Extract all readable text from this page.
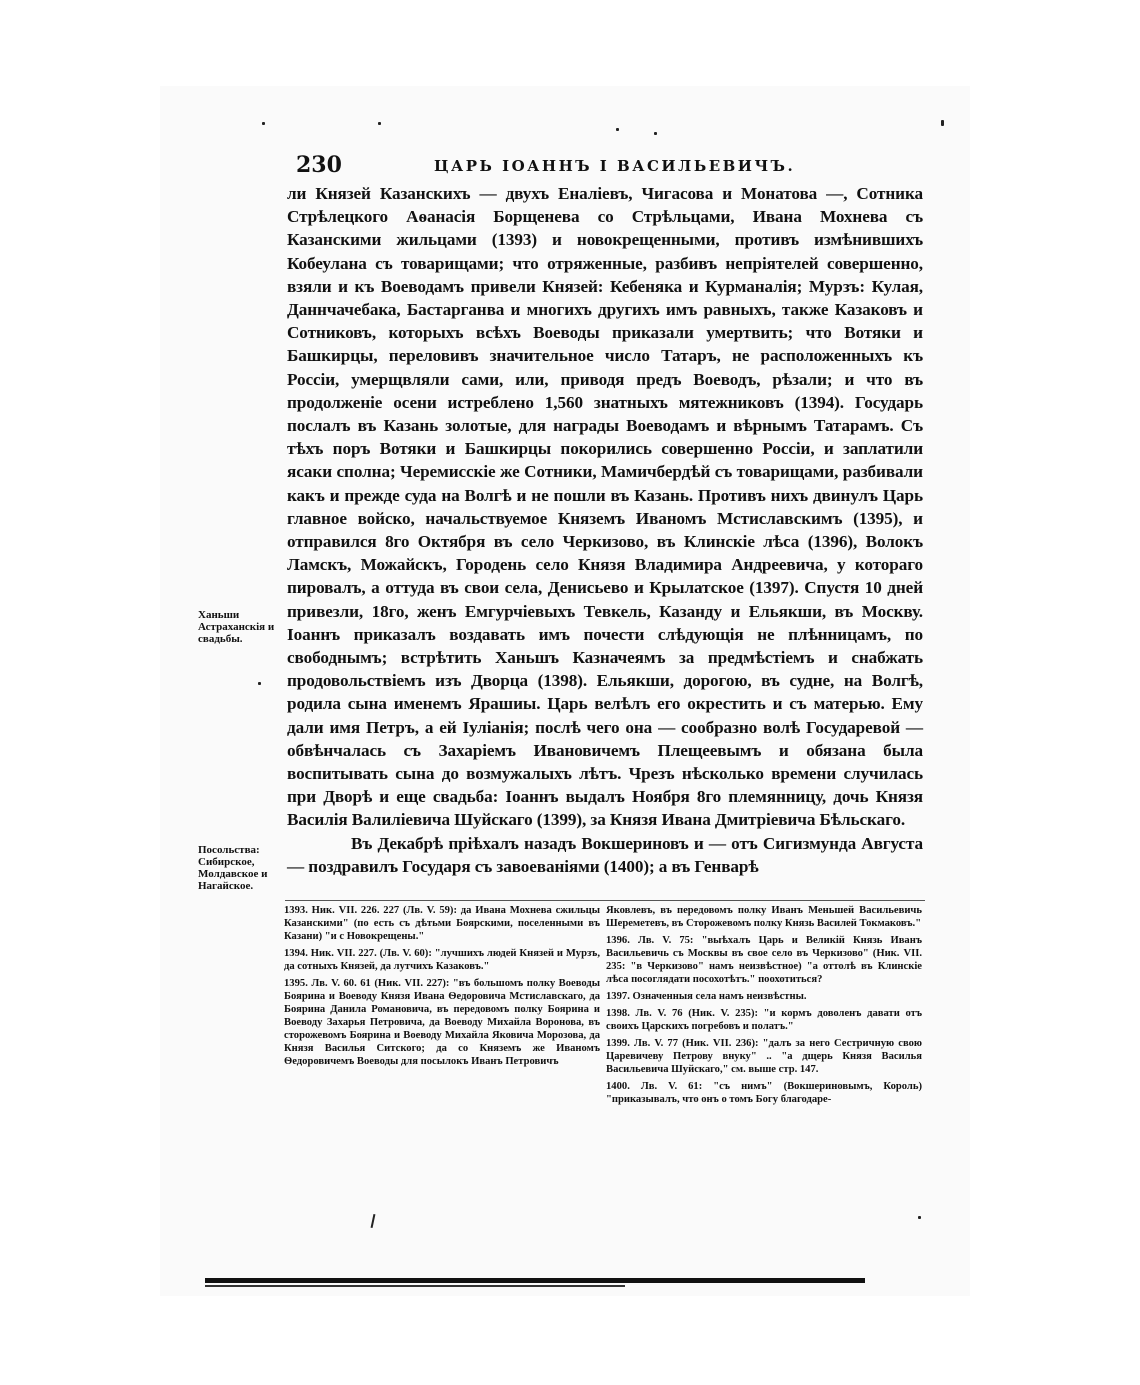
230	ЦАРЬ ІОАННЪ І ВАСИЛЬЕВИЧЪ.
Ханьши Астраханскія и свадьбы.
Посольства: Сибирское, Молдавское и Нагайское.

ли Князей Казанскихъ — двухъ Еналіевъ, Чигасова и Монатова —, Сотника Стрѣлецкого Аѳанасія Борщенева со Стрѣльцами, Ивана Мохнева съ Казанскими жильцами (1393) и новокрещенными, противъ измѣнившихъ Кобеулана съ товарищами; что отряженные, разбивъ непріятелей совершенно, взяли и къ Воеводамъ привели Князей: Кебеняка и Курманалія; Мурзъ: Кулая, Даннчачебака, Бастарганва и многихъ другихъ имъ равныхъ, также Казаковъ и Сотниковъ, которыхъ всѣхъ Воеводы приказали умертвить; что Вотяки и Башкирцы, переловивъ значительное число Татаръ, не расположенныхъ къ Россіи, умерщвляли сами, или, приводя предъ Воеводъ, рѣзали; и что въ продолженіе осени истреблено 1,560 знатныхъ мятежниковъ (1394). Государь послалъ въ Казань золотые, для награды Воеводамъ и вѣрнымъ Татарамъ. Съ тѣхъ поръ Вотяки и Башкирцы покорились совершенно Россіи, и заплатили ясаки сполна; Черемисскіе же Сотники, Мамичбердѣй съ товарищами, разбивали какъ и прежде суда на Волгѣ и не пошли въ Казань. Противъ нихъ двинулъ Царь главное войско, начальствуемое Княземъ Иваномъ Мстиславскимъ (1395), и отправился 8го Октября въ село Черкизово, въ Клинскіе лѣса (1396), Волокъ Ламскъ, Можайскъ, Городень село Князя Владимира Андреевича, у котораго пировалъ, а оттуда въ свои села, Денисьево и Крылатское (1397). Спустя 10 дней привезли, 18го, женъ Емгурчіевыхъ Тевкель, Казанду и Ельякши, въ Москву. Іоаннъ приказалъ воздавать имъ почести слѣдующія не плѣнницамъ, по свободнымъ; встрѣтить Ханьшъ Казначеямъ за предмѣстіемъ и снабжать продовольствіемъ изъ Дворца (1398). Ельякши, дорогою, въ судне, на Волгѣ, родила сына именемъ Ярашиы. Царь велѣлъ его окрестить и съ матерью. Ему дали имя Петръ, а ей Іуліанія; послѣ чего она — сообразно волѣ Государевой — обвѣнчалась съ Захаріемъ Ивановичемъ Плещеевымъ и обязана была воспитывать сына до возмужалыхъ лѣтъ. Чрезъ нѣсколько времени случилась при Дворѣ и еще свадьба: Іоаннъ выдалъ Ноября 8го племянницу, дочь Князя Василія Валиліевича Шуйскаго (1399), за Князя Ивана Дмитріевича Бѣльскаго.

Въ Декабрѣ пріѣхалъ назадъ Вокшериновъ и — отъ Сигизмунда Августа — поздравилъ Государя съ завоеваніями (1400); а въ Генварѣ

1393. Ник. VII. 226. 227 (Лв. V. 59): да Ивана Мохнева сжильцы Казанскими" (по есть съ дѣтьми Боярскими, поселенными въ Казани) "и с Новокрещены."

1394. Ник. VII. 227. (Лв. V. 60): "лучшихъ людей Князей и Мурзъ, да сотныхъ Князей, да лутчихъ Казаковъ."

1395. Лв. V. 60. 61 (Ник. VII. 227): "въ большомъ полку Воеводы Боярина и Воеводу Князя Ивана Ѳедоровича Мстиславскаго, да Боярина Данила Романовича, въ передовомъ полку Боярина и Воеводу Захарья Петровича, да Воеводу Михайла Воронова, въ сторожевомъ Боярина и Воеводу Михайла Яковича Морозова, да Князя Василья Ситского; да со Княземъ же Иваномъ Ѳедоровичемъ Воеводы для посылокъ Иванъ Петровичъ

Яковлевъ, въ передовомъ полку Иванъ Меньшей Васильевичь Шереметевъ, въ Сторожевомъ полку Князь Василей Токмаковъ."

1396. Лв. V. 75: "выѣхалъ Царь и Великій Князь Иванъ Васильевичь съ Москвы въ свое село въ Черкизово" (Ник. VII. 235: "в Черкизово" намъ неизвѣстное) "а оттолѣ въ Клинскіе лѣса посоглядати посохотѣтъ." поохотиться?

1397. Означенныя села намъ неизвѣстны.

1398. Лв. V. 76 (Ник. V. 235): "и кормъ доволенъ давати отъ своихъ Царскихъ погребовъ и полатъ."

1399. Лв. V. 77 (Ник. VII. 236): "далъ за него Сестричную свою Царевичеву Петрову внуку" .. "а дщерь Князя Василья Васильевича Шуйскаго," см. выше стр. 147.

1400. Лв. V. 61: "съ нимъ" (Вокшериновымъ, Король) "приказывалъ, что онъ о томъ Богу благодаре-
